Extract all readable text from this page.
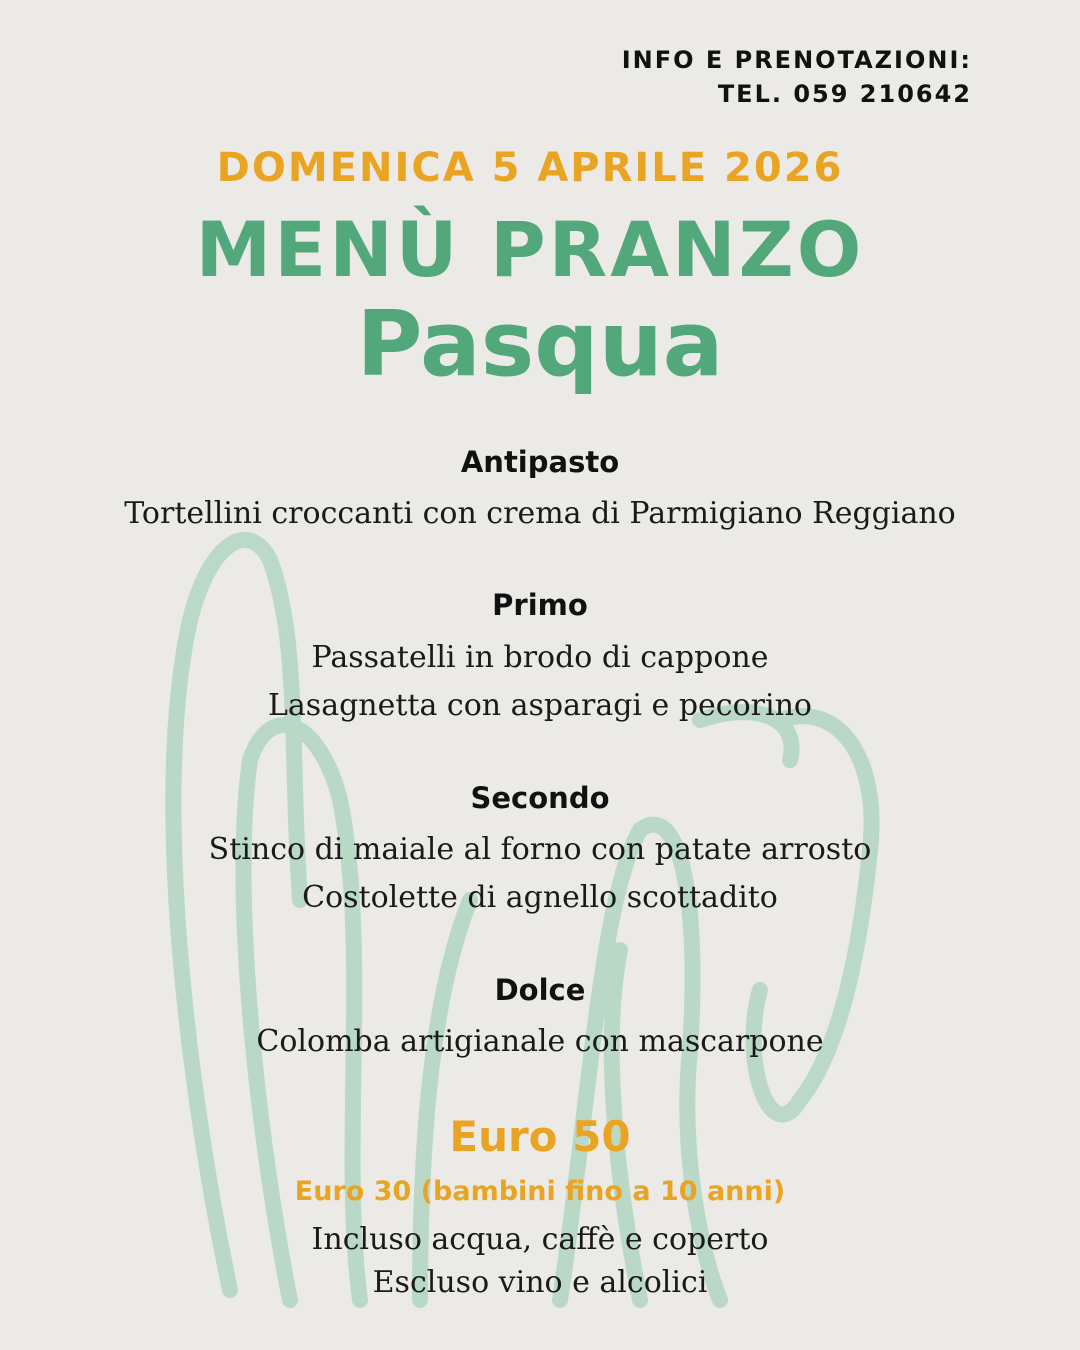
INFO E PRENOTAZIONI:
TEL. 059 210642
DOMENICA 5 APRILE 2026
MENÙ PRANZO
Pasqua
Antipasto
Tortellini croccanti con crema di Parmigiano Reggiano
Primo
Passatelli in brodo di cappone
Lasagnetta con asparagi e pecorino
Secondo
Stinco di maiale al forno con patate arrosto
Costolette di agnello scottadito
Dolce
Colomba artigianale con mascarpone
Euro 50
Euro 30 (bambini fino a 10 anni)
Incluso acqua, caffè e coperto
Escluso vino e alcolici
